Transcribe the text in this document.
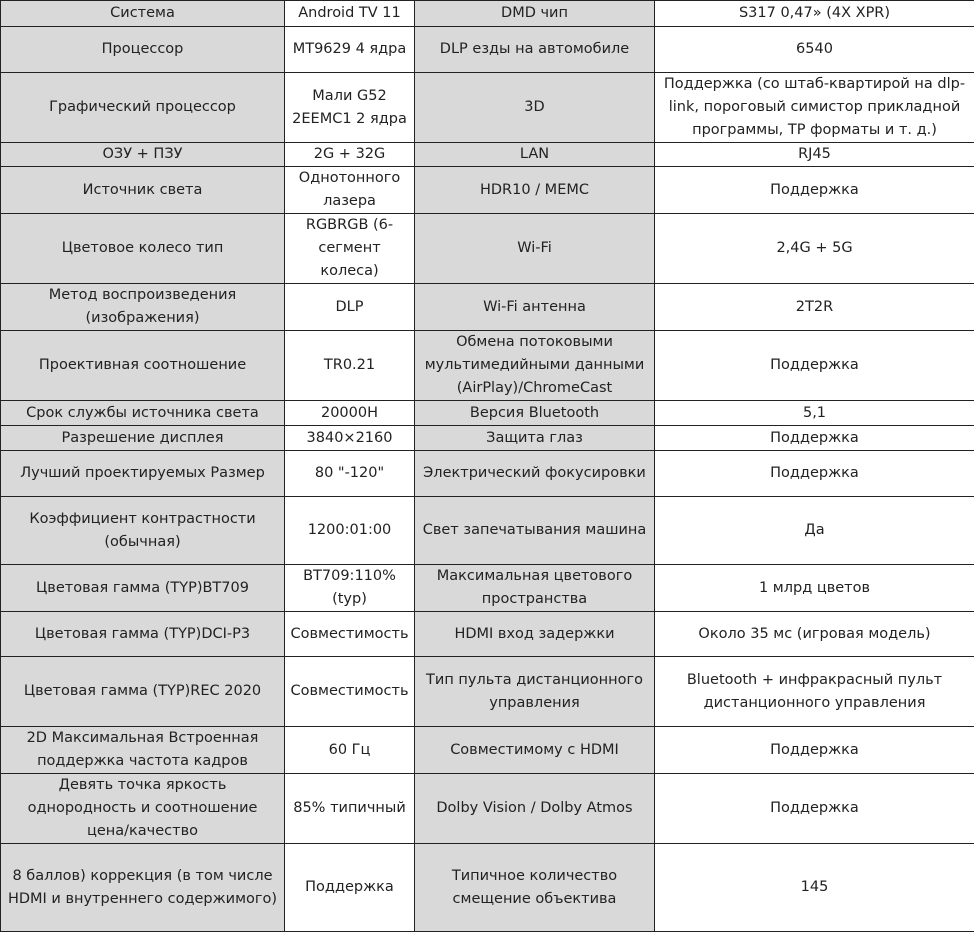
Система	Android TV 11	DMD чип	S317 0,47» (4X XPR)
Процессор	MT9629 4 ядра	DLP езды на автомобиле	6540
Графический процессор	Мали G52 2EEMC1 2 ядра	3D	Поддержка (со штаб-квартирой на dlp-link, пороговый симистор прикладной программы, TP форматы и т. д.)
ОЗУ + ПЗУ	2G + 32G	LAN	RJ45
Источник света	Однотонного лазера	HDR10 / MEMC	Поддержка
Цветовое колесо тип	RGBRGB (6-сегмент колеса)	Wi-Fi	2,4G + 5G
Метод воспроизведения (изображения)	DLP	Wi-Fi антенна	2T2R
Проективная соотношение	TR0.21	Обмена потоковыми мультимедийными данными (AirPlay)/ChromeCast	Поддержка
Срок службы источника света	20000H	Версия Bluetooth	5,1
Разрешение дисплея	3840×2160	Защита глаз	Поддержка
Лучший проектируемых Размер	80 "-120"	Электрический фокусировки	Поддержка
Коэффициент контрастности (обычная)	1200:01:00	Свет запечатывания машина	Да
Цветовая гамма (TYP)BT709	BT709:110%(typ)	Максимальная цветового пространства	1 млрд цветов
Цветовая гамма (TYP)DCI-P3	Совместимость	HDMI вход задержки	Около 35 мс (игровая модель)
Цветовая гамма (TYP)REC 2020	Совместимость	Тип пульта дистанционного управления	Bluetooth + инфракрасный пульт дистанционного управления
2D Максимальная Встроенная поддержка частота кадров	60 Гц	Совместимому с HDMI	Поддержка
Девять точка яркость однородность и соотношение цена/качество	85% типичный	Dolby Vision / Dolby Atmos	Поддержка
8 баллов) коррекция (в том числе HDMI и внутреннего содержимого)	Поддержка	Типичное количество смещение объектива	145
